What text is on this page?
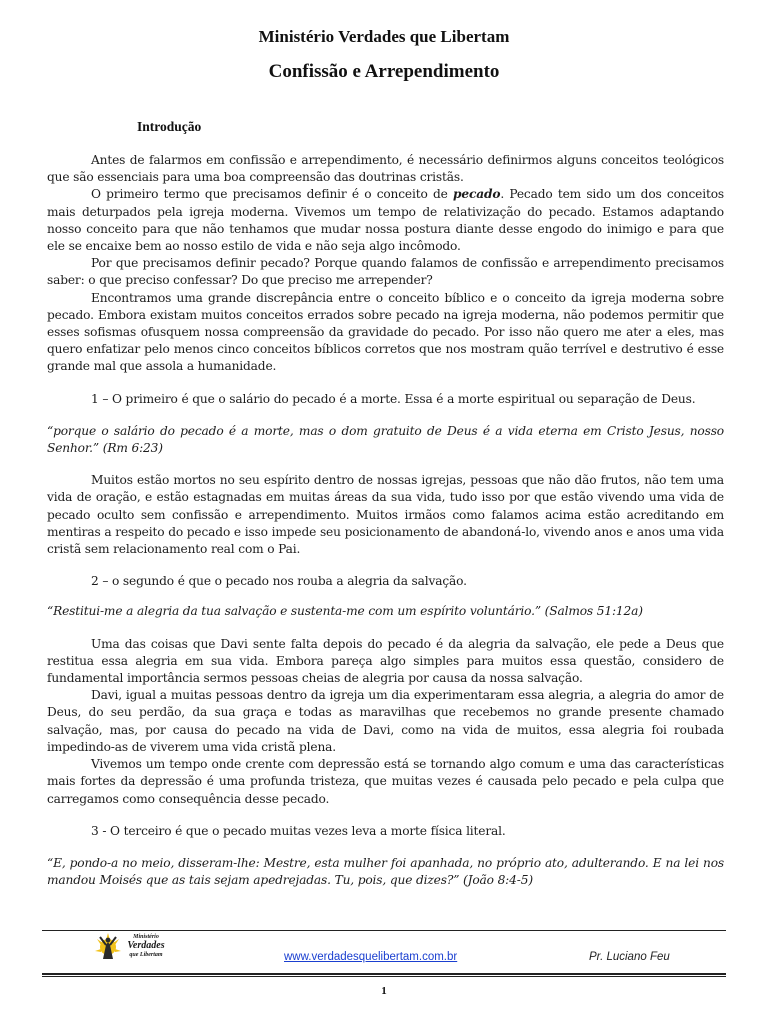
Ministério Verdades que Libertam
Confissão e Arrependimento
Introdução

Antes de falarmos em confissão e arrependimento, é necessário definirmos alguns conceitos teológicos que são essenciais para uma boa compreensão das doutrinas cristãs.

O primeiro termo que precisamos definir é o conceito de pecado. Pecado tem sido um dos conceitos mais deturpados pela igreja moderna. Vivemos um tempo de relativização do pecado. Estamos adaptando nosso conceito para que não tenhamos que mudar nossa postura diante desse engodo do inimigo e para que ele se encaixe bem ao nosso estilo de vida e não seja algo incômodo.

Por que precisamos definir pecado? Porque quando falamos de confissão e arrependimento precisamos saber: o que preciso confessar? Do que preciso me arrepender?

Encontramos uma grande discrepância entre o conceito bíblico e o conceito da igreja moderna sobre pecado. Embora existam muitos conceitos errados sobre pecado na igreja moderna, não podemos permitir que esses sofismas ofusquem nossa compreensão da gravidade do pecado. Por isso não quero me ater a eles, mas quero enfatizar pelo menos cinco conceitos bíblicos corretos que nos mostram quão terrível e destrutivo é esse grande mal que assola a humanidade.

1 – O primeiro é que o salário do pecado é a morte. Essa é a morte espiritual ou separação de Deus.

“porque o salário do pecado é a morte, mas o dom gratuito de Deus é a vida eterna em Cristo Jesus, nosso Senhor.” (Rm 6:23)

Muitos estão mortos no seu espírito dentro de nossas igrejas, pessoas que não dão frutos, não tem uma vida de oração, e estão estagnadas em muitas áreas da sua vida, tudo isso por que estão vivendo uma vida de pecado oculto sem confissão e arrependimento. Muitos irmãos como falamos acima estão acreditando em mentiras a respeito do pecado e isso impede seu posicionamento de abandoná-lo, vivendo anos e anos uma vida cristã sem relacionamento real com o Pai.

2 – o segundo é que o pecado nos rouba a alegria da salvação.

“Restitui-me a alegria da tua salvação e sustenta-me com um espírito voluntário.” (Salmos 51:12a)

Uma das coisas que Davi sente falta depois do pecado é da alegria da salvação, ele pede a Deus que restitua essa alegria em sua vida. Embora pareça algo simples para muitos essa questão, considero de fundamental importância sermos pessoas cheias de alegria por causa da nossa salvação.

Davi, igual a muitas pessoas dentro da igreja um dia experimentaram essa alegria, a alegria do amor de Deus, do seu perdão, da sua graça e todas as maravilhas que recebemos no grande presente chamado salvação, mas, por causa do pecado na vida de Davi, como na vida de muitos, essa alegria foi roubada impedindo-as de viverem uma vida cristã plena.

Vivemos um tempo onde crente com depressão está se tornando algo comum e uma das características mais fortes da depressão é uma profunda tristeza, que muitas vezes é causada pelo pecado e pela culpa que carregamos como consequência desse pecado.

3 - O terceiro é que o pecado muitas vezes leva a morte física literal.

“E, pondo-a no meio, disseram-lhe: Mestre, esta mulher foi apanhada, no próprio ato, adulterando. E na lei nos mandou Moisés que as tais sejam apedrejadas. Tu, pois, que dizes?” (João 8:4-5)

Ministério
Verdades
que Libertam	www.verdadesquelibertam.com.br	Pr. Luciano Feu
1
